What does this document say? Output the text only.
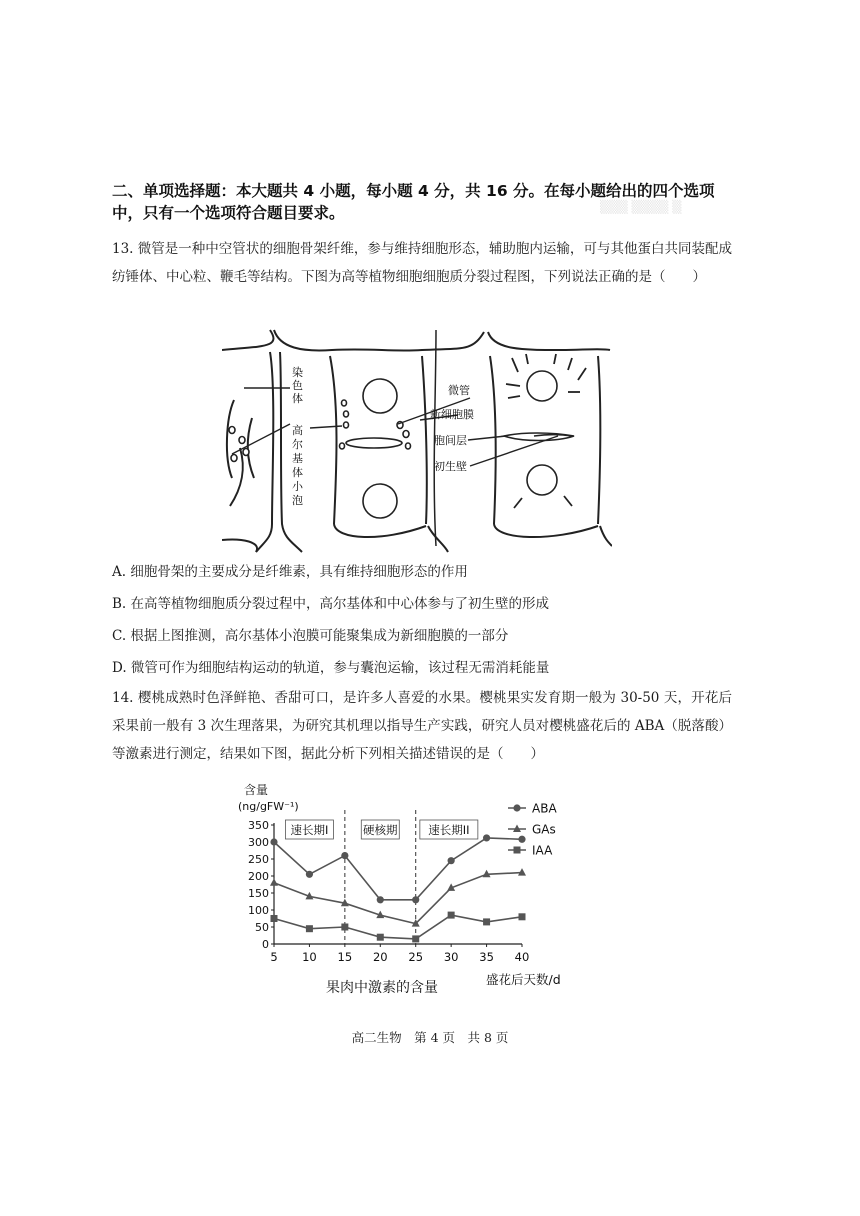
▒▒▒ ▒▒▒▒ ▒
二、单项选择题：本大题共 4 小题，每小题 4 分，共 16 分。在每小题给出的四个选项中，只有一个选项符合题目要求。
13. 微管是一种中空管状的细胞骨架纤维，参与维持细胞形态，辅助胞内运输，可与其他蛋白共同装配成纺锤体、中心粒、鞭毛等结构。下图为高等植物细胞细胞质分裂过程图，下列说法正确的是（　　）
染
色
体
高
尔
基
体
小
泡
微管
新细胞膜
胞间层
初生壁
A. 细胞骨架的主要成分是纤维素，具有维持细胞形态的作用
B. 在高等植物细胞质分裂过程中，高尔基体和中心体参与了初生壁的形成
C. 根据上图推测，高尔基体小泡膜可能聚集成为新细胞膜的一部分
D. 微管可作为细胞结构运动的轨道，参与囊泡运输，该过程无需消耗能量
14. 樱桃成熟时色泽鲜艳、香甜可口，是许多人喜爱的水果。樱桃果实发育期一般为 30-50 天，开花后采果前一般有 3 次生理落果，为研究其机理以指导生产实践，研究人员对樱桃盛花后的 ABA（脱落酸）等激素进行测定，结果如下图，据此分析下列相关描述错误的是（　　）
含量
(ng/gFW⁻¹)
0
50
100
150
200
250
300
350
5 10 15 20 25 30 35 40
速长期I	硬核期	速长期II
ABA
GAs
IAA
果肉中激素的含量
盛花后天数/d
高二生物　第 4 页　共 8 页
